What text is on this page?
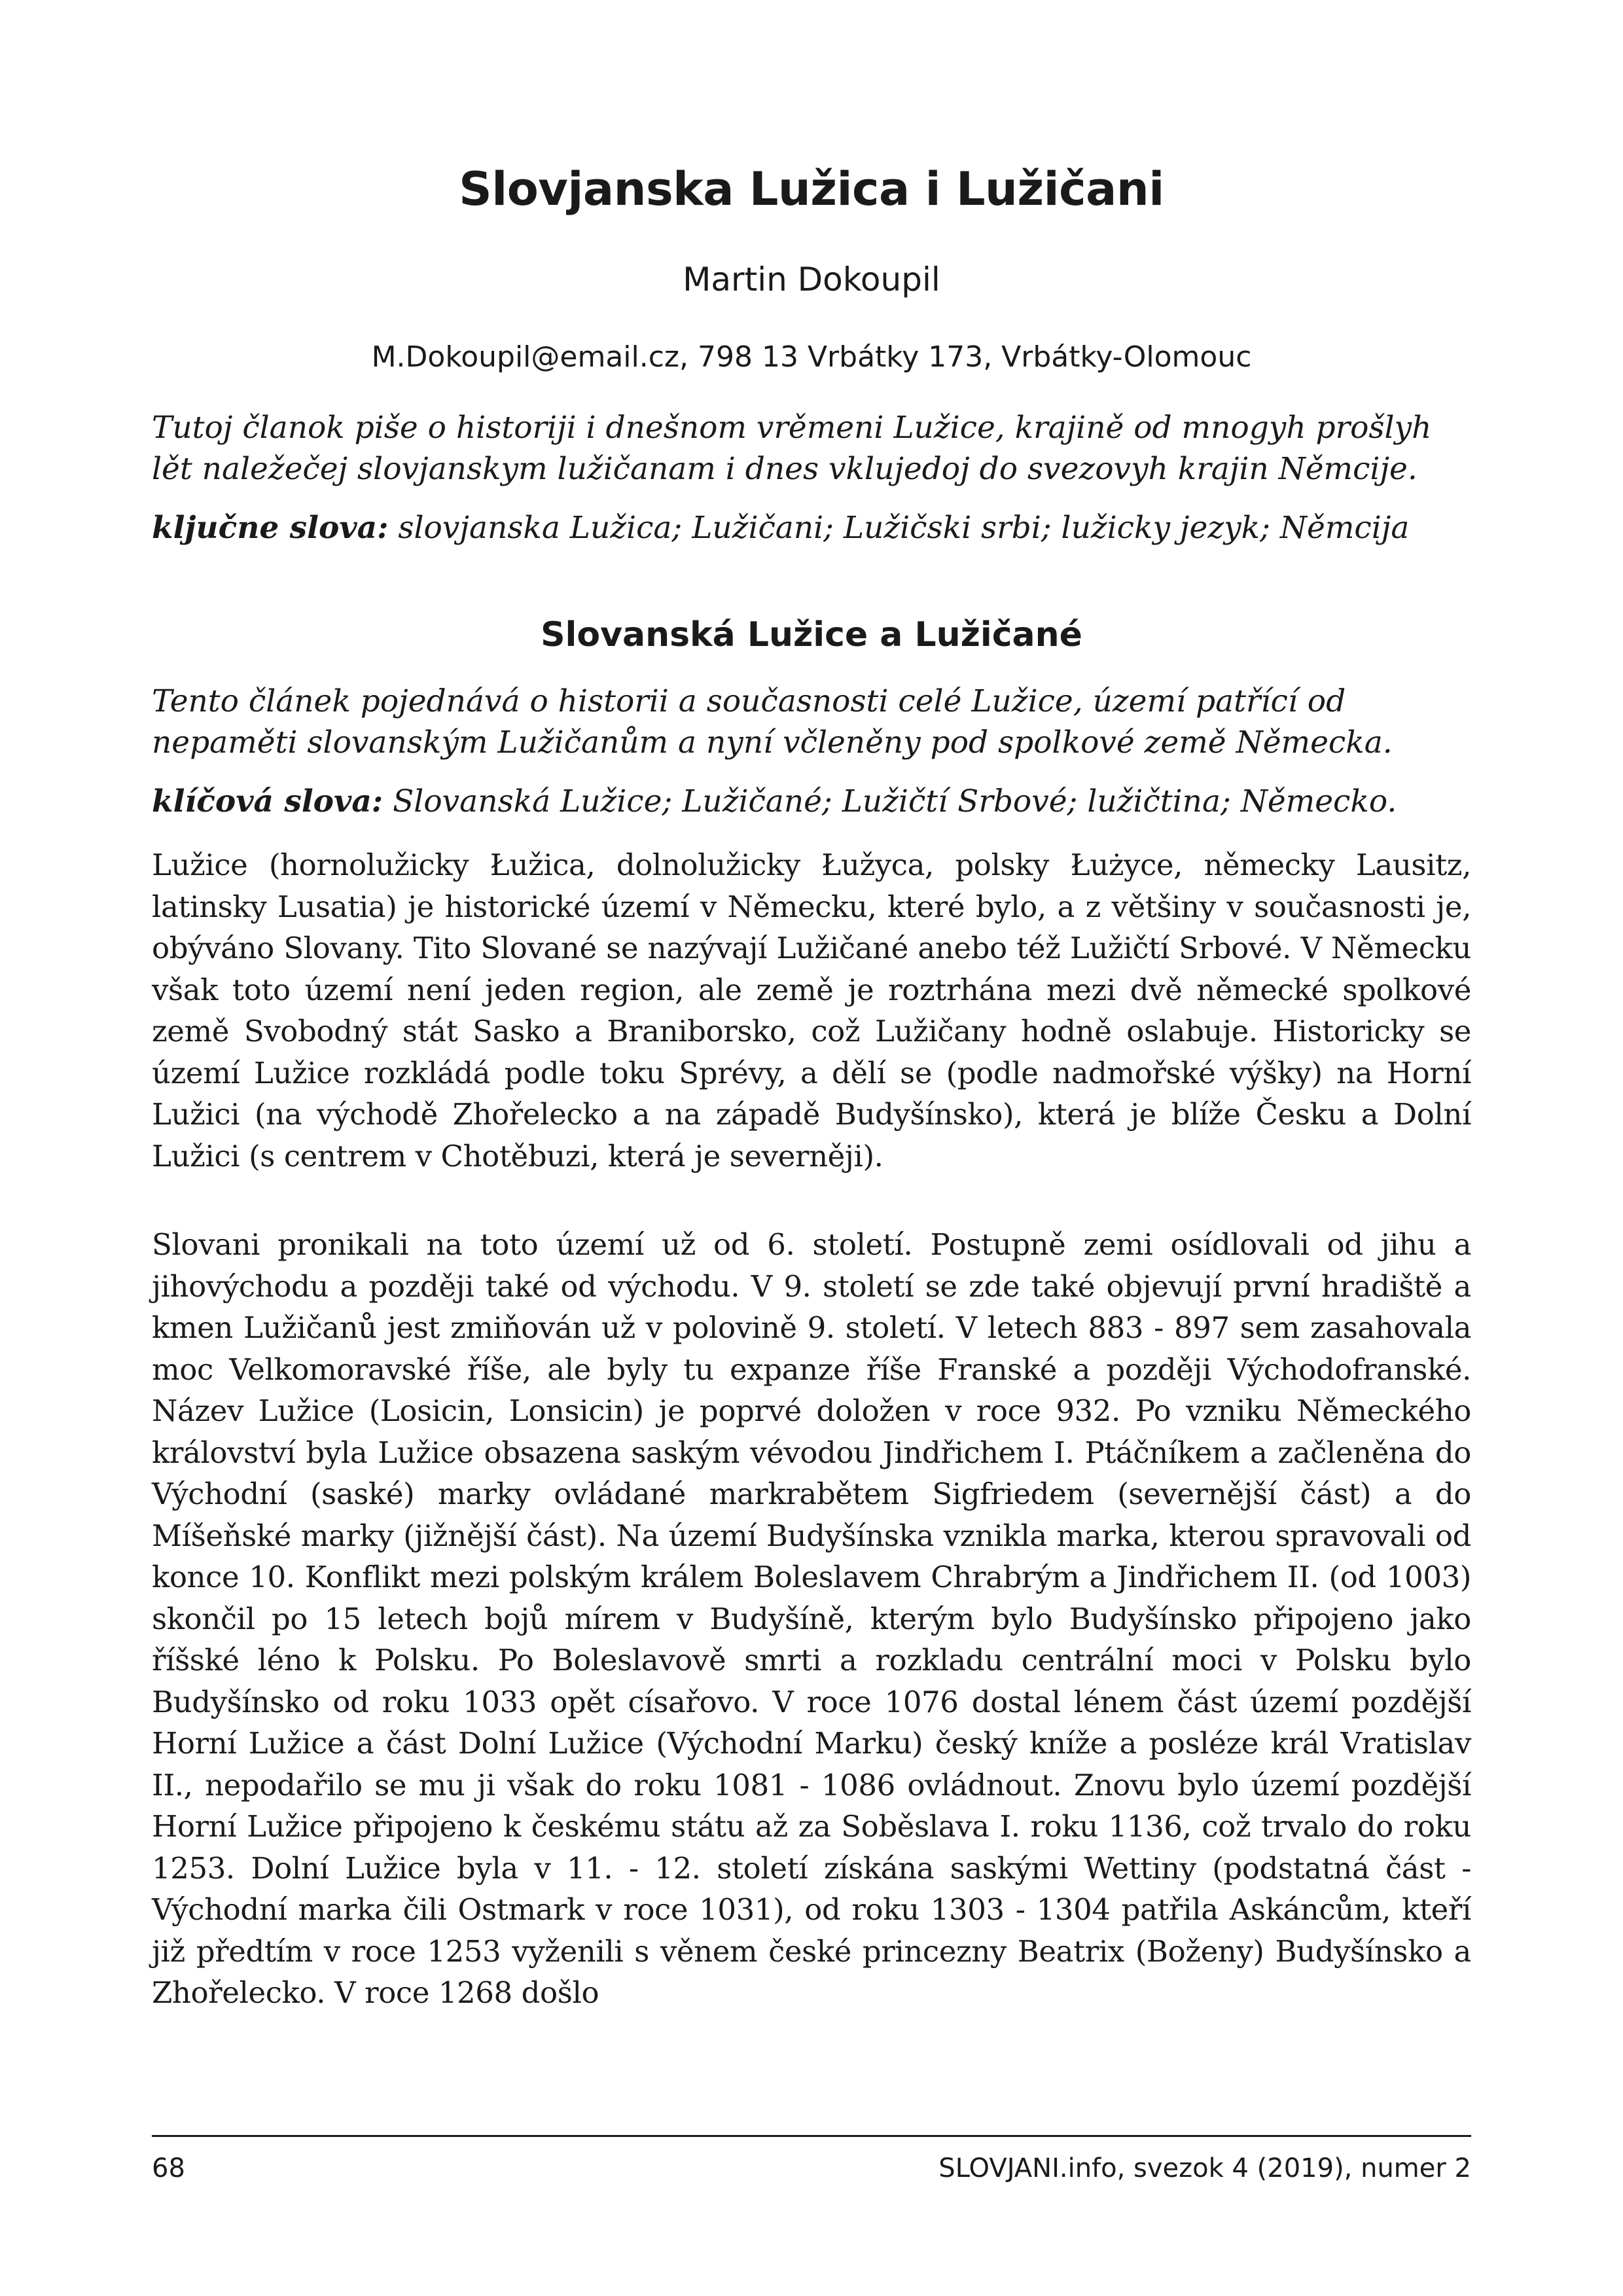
Slovjanska Lužica i Lužičani

Martin Dokoupil

M.Dokoupil@email.cz, 798 13 Vrbátky 173, Vrbátky-Olomouc

Tutoj članok piše o historiji i dnešnom vrěmeni Lužice, krajině od mnogyh prošlyh lět naležečej slovjanskym lužičanam i dnes vklujedoj do svezovyh krajin Němcije.

ključne slova: slovjanska Lužica; Lužičani; Lužičski srbi; lužicky jezyk; Němcija

Slovanská Lužice a Lužičané

Tento článek pojednává o historii a současnosti celé Lužice, území patřící od nepaměti slovanským Lužičanům a nyní včleněny pod spolkové země Německa.

klíčová slova: Slovanská Lužice; Lužičané; Lužičtí Srbové; lužičtina; Německo.

Lužice (hornolužicky Łužica, dolnolužicky Łužyca, polsky Łużyce, německy Lausitz, latinsky Lusatia) je historické území v Německu, které bylo, a z většiny v současnosti je, obýváno Slovany. Tito Slované se nazývají Lužičané anebo též Lužičtí Srbové. V Německu však toto území není jeden region, ale země je roztrhána mezi dvě německé spolkové země Svobodný stát Sasko a Braniborsko, což Lužičany hodně oslabuje. Historicky se území Lužice rozkládá podle toku Sprévy, a dělí se (podle nadmořské výšky) na Horní Lužici (na východě Zhořelecko a na západě Budyšínsko), která je blíže Česku a Dolní Lužici (s centrem v Chotěbuzi, která je severněji).

Slovani pronikali na toto území už od 6. století. Postupně zemi osídlovali od jihu a jihovýchodu a později také od východu. V 9. století se zde také objevují první hradiště a kmen Lužičanů jest zmiňován už v polovině 9. století. V letech 883 - 897 sem zasahovala moc Velkomoravské říše, ale byly tu expanze říše Franské a později Východofranské. Název Lužice (Losicin, Lonsicin) je poprvé doložen v roce 932. Po vzniku Německého království byla Lužice obsazena saským vévodou Jindřichem I. Ptáčníkem a začleněna do Východní (saské) marky ovládané markrabětem Sigfriedem (severnější část) a do Míšeňské marky (jižnější část). Na území Budyšínska vznikla marka, kterou spravovali od konce 10. Konflikt mezi polským králem Boleslavem Chrabrým a Jindřichem II. (od 1003) skončil po 15 letech bojů mírem v Budyšíně, kterým bylo Budyšínsko připojeno jako říšské léno k Polsku. Po Boleslavově smrti a rozkladu centrální moci v Polsku bylo Budyšínsko od roku 1033 opět císařovo. V roce 1076 dostal lénem část území pozdější Horní Lužice a část Dolní Lužice (Východní Marku) český kníže a posléze král Vratislav II., nepodařilo se mu ji však do roku 1081 - 1086 ovládnout. Znovu bylo území pozdější Horní Lužice připojeno k českému státu až za Soběslava I. roku 1136, což trvalo do roku 1253. Dolní Lužice byla v 11. - 12. století získána saskými Wettiny (podstatná část - Východní marka čili Ostmark v roce 1031), od roku 1303 - 1304 patřila Askáncům, kteří již předtím v roce 1253 vyženili s věnem české princezny Beatrix (Boženy) Budyšínsko a Zhořelecko. V roce 1268 došlo

68	SLOVJANI.info, svezok 4 (2019), numer 2
